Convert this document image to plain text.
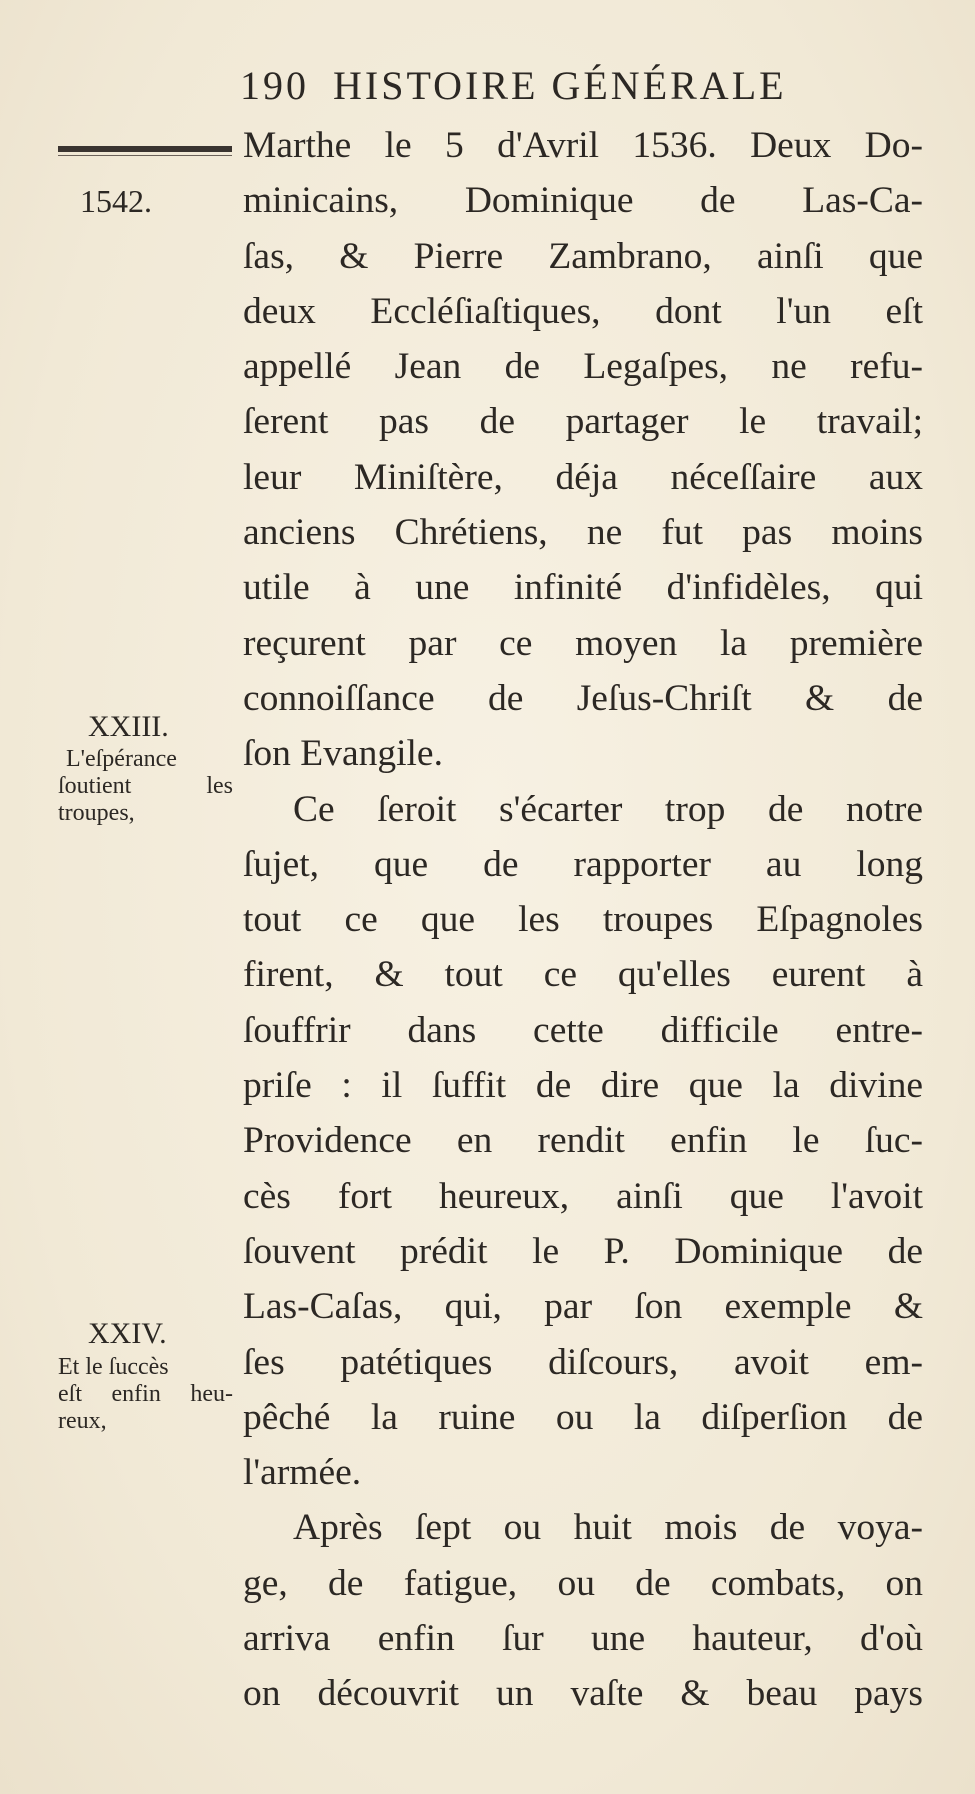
190 HISTOIRE GÉNÉRALE
1542.
XXIII.
L'eſpérance
ſoutient les
troupes,
XXIV.
Et le ſuccès
eſt enfin heu-
reux,
Marthe le 5 d'Avril 1536. Deux Do-
minicains, Dominique de Las-Ca-
ſas, & Pierre Zambrano, ainſi que
deux Eccléſiaſtiques, dont l'un eſt
appellé Jean de Legaſpes, ne refu-
ſerent pas de partager le travail;
leur Miniſtère, déja néceſſaire aux
anciens Chrétiens, ne fut pas moins
utile à une infinité d'infidèles, qui
reçurent par ce moyen la première
connoiſſance de Jeſus-Chriſt & de
ſon Evangile.
Ce ſeroit s'écarter trop de notre
ſujet, que de rapporter au long
tout ce que les troupes Eſpagnoles
firent, & tout ce qu'elles eurent à
ſouffrir dans cette difficile entre-
priſe : il ſuffit de dire que la divine
Providence en rendit enfin le ſuc-
cès fort heureux, ainſi que l'avoit
ſouvent prédit le P. Dominique de
Las-Caſas, qui, par ſon exemple &
ſes patétiques diſcours, avoit em-
pêché la ruine ou la diſperſion de
l'armée.
Après ſept ou huit mois de voya-
ge, de fatigue, ou de combats, on
arriva enfin ſur une hauteur, d'où
on découvrit un vaſte & beau pays
